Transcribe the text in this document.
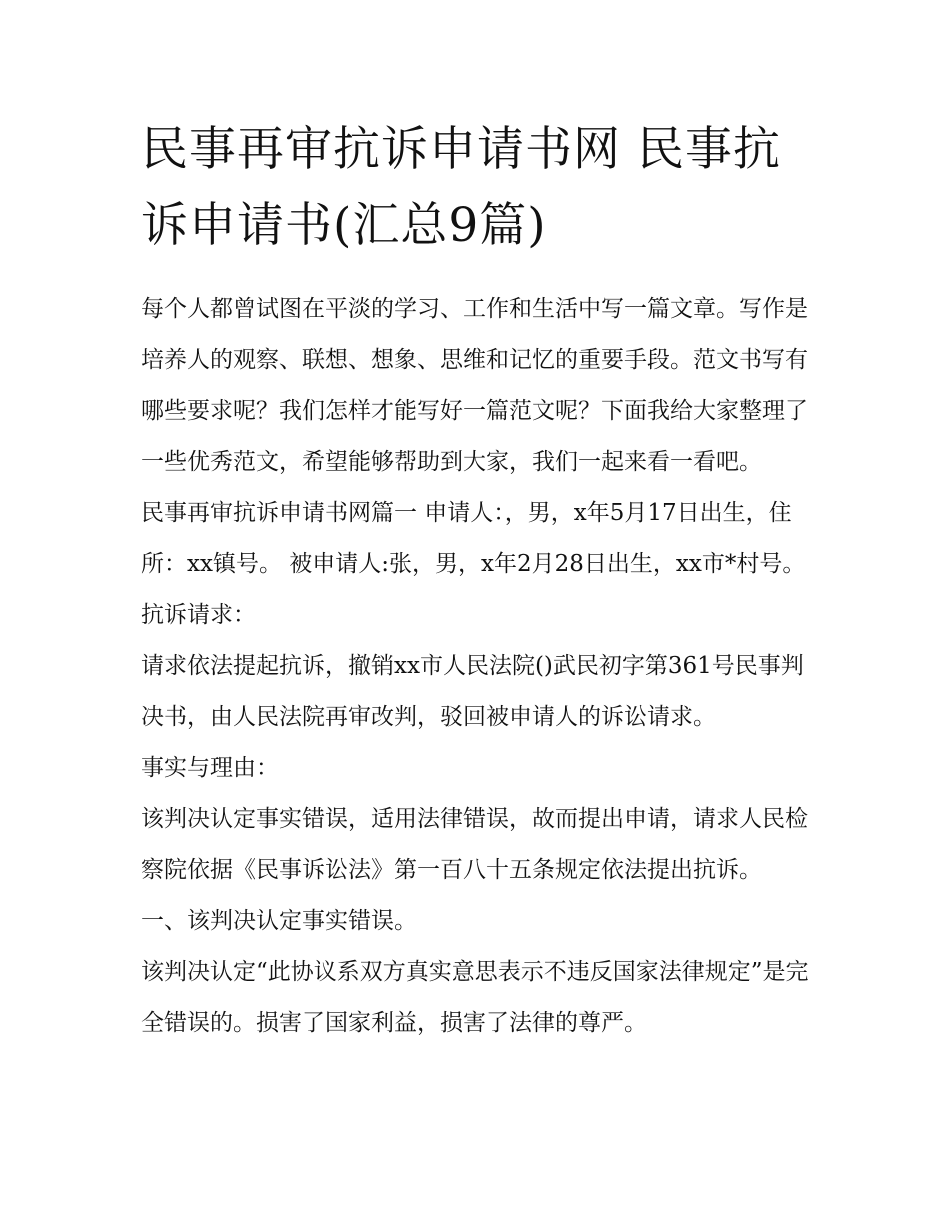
民事再审抗诉申请书网 民事抗诉申请书(汇总9篇)

每个人都曾试图在平淡的学习、工作和生活中写一篇文章。写作是培养人的观察、联想、想象、思维和记忆的重要手段。范文书写有哪些要求呢？我们怎样才能写好一篇范文呢？下面我给大家整理了一些优秀范文，希望能够帮助到大家，我们一起来看一看吧。

民事再审抗诉申请书网篇一 申请人：，男，x年5月17日出生，住所：xx镇号。 被申请人:张，男，x年2月28日出生，xx市*村号。 抗诉请求：

请求依法提起抗诉，撤销xx市人民法院()武民初字第361号民事判决书，由人民法院再审改判，驳回被申请人的诉讼请求。

事实与理由：

该判决认定事实错误，适用法律错误，故而提出申请，请求人民检察院依据《民事诉讼法》第一百八十五条规定依法提出抗诉。 一、该判决认定事实错误。

该判决认定“此协议系双方真实意思表示不违反国家法律规定”是完全错误的。损害了国家利益，损害了法律的尊严。
